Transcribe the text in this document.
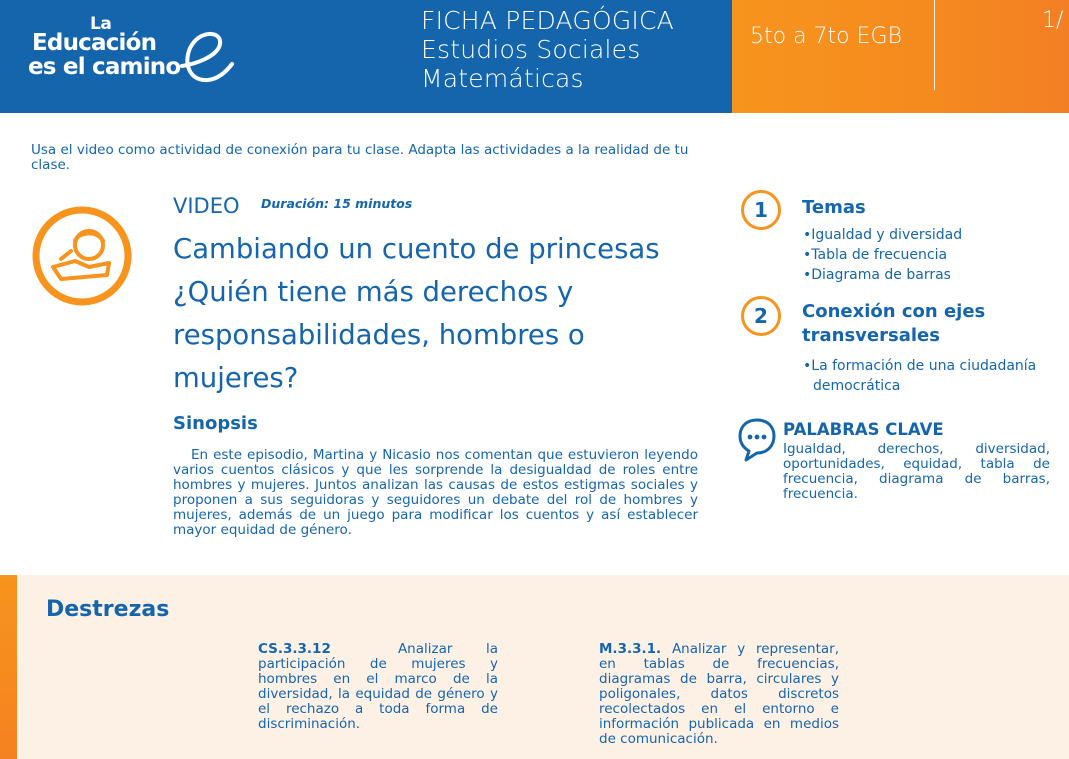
La
Educación
es el camino
FICHA PEDAGÓGICA
Estudios Sociales
Matemáticas
5to a 7to EGB
1/

Usa el video como actividad de conexión para tu clase. Adapta las actividades a la realidad de tu clase.

VIDEO Duración: 15 minutos
Cambiando un cuento de princesas
¿Quién tiene más derechos y
responsabilidades, hombres o
mujeres?
Sinopsis

En este episodio, Martina y Nicasio nos comentan que estuvieron leyendo varios cuentos clásicos y que les sorprende la desigualdad de roles entre hombres y mujeres. Juntos analizan las causas de estos estigmas sociales y proponen a sus seguidoras y seguidores un debate del rol de hombres y mujeres, además de un juego para modificar los cuentos y así establecer mayor equidad de género.

1	Temas
• Igualdad y diversidad
• Tabla de frecuencia
• Diagrama de barras
2	Conexión con ejes transversales
• La formación de una ciudadanía democrática
PALABRAS CLAVE

Igualdad, derechos, diversidad, oportunidades, equidad, tabla de frecuencia, diagrama de barras, frecuencia.

Destrezas

CS.3.3.12	Analizar la participación de mujeres y hombres en el marco de la diversidad, la equidad de género y el rechazo a toda forma de discriminación.

M.3.3.1. Analizar y representar, en tablas de frecuencias, diagramas de barra, circulares y poligonales, datos discretos recolectados en el entorno e información publicada en medios de comunicación.
